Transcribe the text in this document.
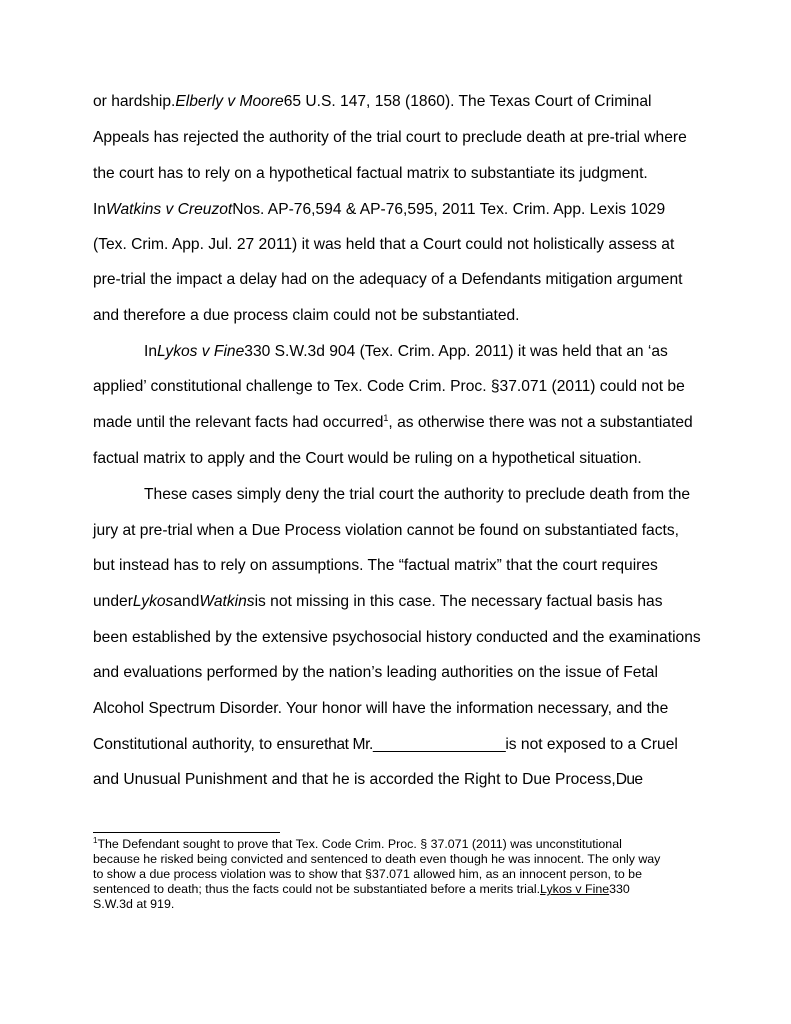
or hardship.Elberly v Moore65 U.S. 147, 158 (1860). The Texas Court of Criminal
Appeals has rejected the authority of the trial court to preclude death at pre-trial where
the court has to rely on a hypothetical factual matrix to substantiate its judgment.
InWatkins v CreuzotNos. AP-76,594 & AP-76,595, 2011 Tex. Crim. App. Lexis 1029
(Tex. Crim. App. Jul. 27 2011) it was held that a Court could not holistically assess at
pre-trial the impact a delay had on the adequacy of a Defendants mitigation argument
and therefore a due process claim could not be substantiated.
InLykos v Fine330 S.W.3d 904 (Tex. Crim. App. 2011) it was held that an ‘as
applied’ constitutional challenge to Tex. Code Crim. Proc. §37.071 (2011) could not be
made until the relevant facts had occurred$^1$, as otherwise there was not a substantiated
factual matrix to apply and the Court would be ruling on a hypothetical situation.
These cases simply deny the trial court the authority to preclude death from the
jury at pre-trial when a Due Process violation cannot be found on substantiated facts,
but instead has to rely on assumptions. The “factual matrix” that the court requires
underLykosandWatkinsis not missing in this case. The necessary factual basis has
been established by the extensive psychosocial history conducted and the examinations
and evaluations performed by the nation’s leading authorities on the issue of Fetal
Alcohol Spectrum Disorder. Your honor will have the information necessary, and the
Constitutional authority, to ensurethat Mr.________________is not exposed to a Cruel
and Unusual Punishment and that he is accorded the Right to Due Process,Due
$^1$The Defendant sought to prove that Tex. Code Crim. Proc. § 37.071 (2011) was unconstitutional
because he risked being convicted and sentenced to death even though he was innocent. The only way
to show a due process violation was to show that §37.071 allowed him, as an innocent person, to be
sentenced to death; thus the facts could not be substantiated before a merits trial.Lykos v Fine330
S.W.3d at 919.
